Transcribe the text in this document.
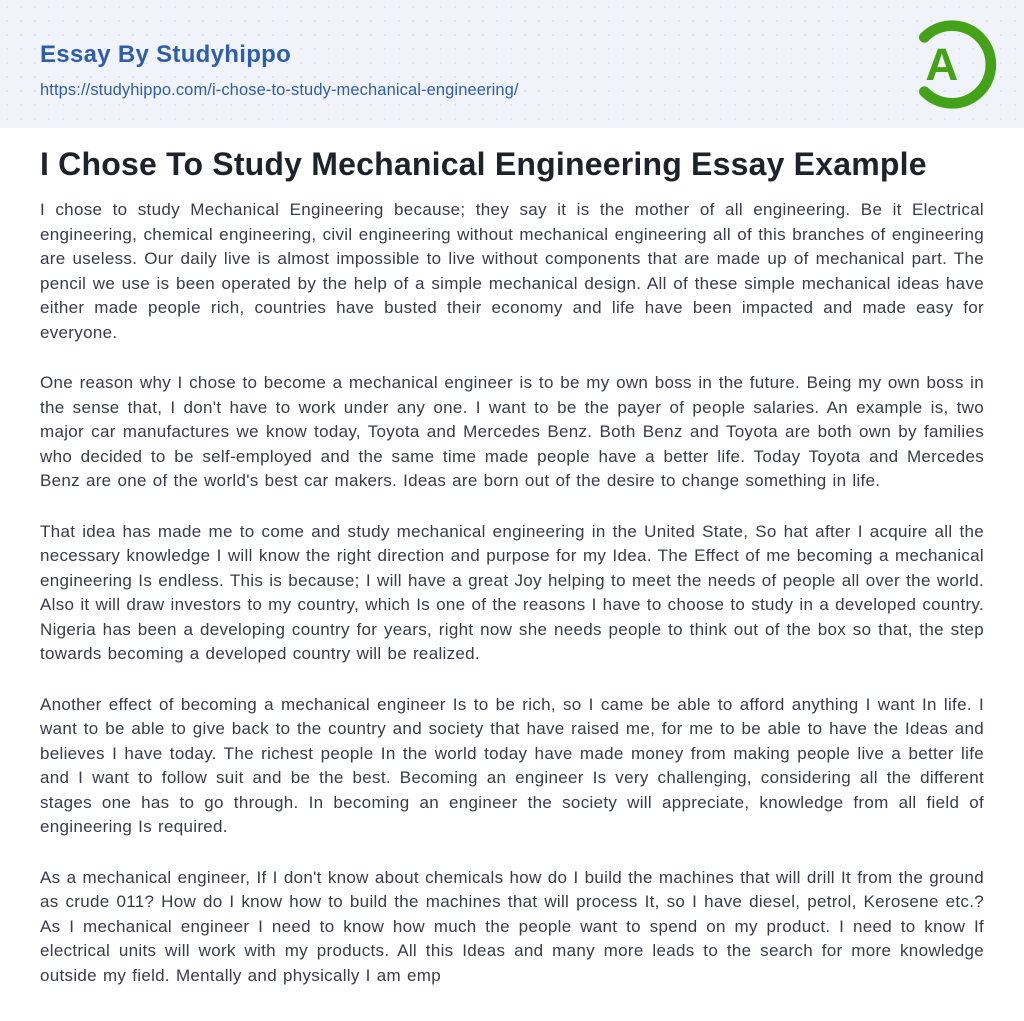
Essay By Studyhippo
https://studyhippo.com/i-chose-to-study-mechanical-engineering/
A
I Chose To Study Mechanical Engineering Essay Example

I chose to study Mechanical Engineering because; they say it is the mother of all engineering. Be it Electrical engineering, chemical engineering, civil engineering without mechanical engineering all of this branches of engineering are useless. Our daily live is almost impossible to live without components that are made up of mechanical part. The pencil we use is been operated by the help of a simple mechanical design. All of these simple mechanical ideas have either made people rich, countries have busted their economy and life have been impacted and made easy for everyone.

One reason why I chose to become a mechanical engineer is to be my own boss in the future. Being my own boss in the sense that, I don't have to work under any one. I want to be the payer of people salaries. An example is, two major car manufactures we know today, Toyota and Mercedes Benz. Both Benz and Toyota are both own by families who decided to be self-employed and the same time made people have a better life. Today Toyota and Mercedes Benz are one of the world's best car makers. Ideas are born out of the desire to change something in life.

That idea has made me to come and study mechanical engineering in the United State, So hat after I acquire all the necessary knowledge I will know the right direction and purpose for my Idea. The Effect of me becoming a mechanical engineering Is endless. This is because; I will have a great Joy helping to meet the needs of people all over the world. Also it will draw investors to my country, which Is one of the reasons I have to choose to study in a developed country. Nigeria has been a developing country for years, right now she needs people to think out of the box so that, the step towards becoming a developed country will be realized.

Another effect of becoming a mechanical engineer Is to be rich, so I came be able to afford anything I want In life. I want to be able to give back to the country and society that have raised me, for me to be able to have the Ideas and believes I have today. The richest people In the world today have made money from making people live a better life and I want to follow suit and be the best. Becoming an engineer Is very challenging, considering all the different stages one has to go through. In becoming an engineer the society will appreciate, knowledge from all field of engineering Is required.

As a mechanical engineer, If I don't know about chemicals how do I build the machines that will drill It from the ground as crude 011? How do I know how to build the machines that will process It, so I have diesel, petrol, Kerosene etc.? As I mechanical engineer I need to know how much the people want to spend on my product. I need to know If electrical units will work with my products. All this Ideas and many more leads to the search for more knowledge outside my field. Mentally and physically I am emp
